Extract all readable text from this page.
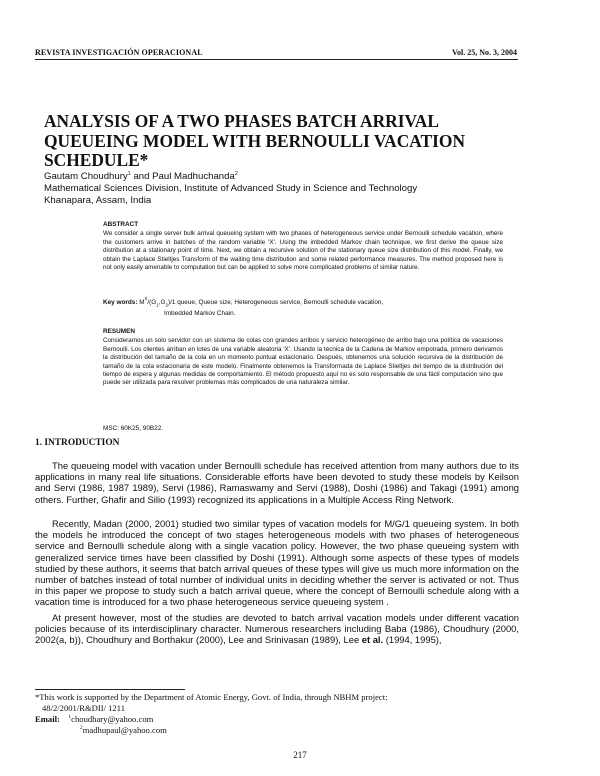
REVISTA INVESTIGACIÓN OPERACIONAL	Vol. 25, No. 3, 2004
ANALYSIS OF A TWO PHASES BATCH ARRIVAL QUEUEING MODEL WITH BERNOULLI VACATION SCHEDULE*
Gautam Choudhury$^1$ and Paul Madhuchanda$^2$
Mathematical Sciences Division, Institute of Advanced Study in Science and Technology
Khanapara, Assam, India
ABSTRACT
We consider a single server bulk arrival queueing system with two phases of heterogeneous service under Bernoulli schedule vacation, where the customers arrive in batches of the random variable 'X'. Using the imbedded Markov chain technique, we first derive the queue size distribution at a stationary point of time. Next, we obtain a recursive solution of the stationary queue size distribution of this model. Finally, we obtain the Laplace Stieltjes Transform of the waiting time distribution and some related performance measures. The method proposed here is not only easily amenable to computation but can be applied to solve more complicated problems of similar nature.
Key words: $M^x/(G_1,G_2)/1$ queue, Queue size, Heterogeneous service, Bernoulli schedule vacation,
Imbedded Markov Chain.
RESUMEN
Consideramos un solo servidor con un sistema de colas con grandes arribos y servicio heterogéneo de arribo bajo una política de vacaciones Bernoulli. Los clientes arriban en lotes de una variable aleatoria 'X'. Usando la técnica de la Cadena de Markov empotrada, primero derivamos la distribución del tamaño de la cola en un momento puntual estacionario. Después, obtenemos una solución recursiva de la distribución de tamaño de la cola estacionaria de este modelo. Finalmente obtenemos la Transformada de Laplace Stieltjes del tiempo de la distribución del tiempo de espera y algunas medidas de comportamiento. El método propuesto aquí no es solo responsable de una fácil computación sino que puede ser utilizada para resolver problemas más complicados de una naturaleza similar.
MSC: 60K25, 90B22.
1. INTRODUCTION

The queueing model with vacation under Bernoulli schedule has received attention from many authors due to its applications in many real life situations. Considerable efforts have been devoted to study these models by Keilson and Servi (1986, 1987 1989), Servi (1986), Ramaswamy and Servi (1988), Doshi (1986) and Takagi (1991) among others. Further, Ghafir and Silio (1993) recognized its applications in a Multiple Access Ring Network.

Recently, Madan (2000, 2001) studied two similar types of vacation models for M/G/1 queueing system. In both the models he introduced the concept of two stages heterogeneous models with two phases of heterogeneous service and Bernoulli schedule along with a single vacation policy. However, the two phase queueing system with generalized service times have been classified by Doshi (1991). Although some aspects of these types of models studied by these authors, it seems that batch arrival queues of these types will give us much more information on the number of batches instead of total number of individual units in deciding whether the server is activated or not. Thus in this paper we propose to study such a batch arrival queue, where the concept of Bernoulli schedule along with a vacation time is introduced for a two phase heterogeneous service queueing system .

At present however, most of the studies are devoted to batch arrival vacation models under different vacation policies because of its interdisciplinary character. Numerous researchers including Baba (1986), Choudhury (2000, 2002(a, b)), Choudhury and Borthakur (2000), Lee and Srinivasan (1989), Lee et al. (1994, 1995),

*This work is supported by the Department of Atomic Energy, Govt. of India, through NBHM project:
48/2/2001/R&DII/ 1211
Email: $^1$choudhary@yahoo.com
$^2$madhupaul@yahoo.com
217
